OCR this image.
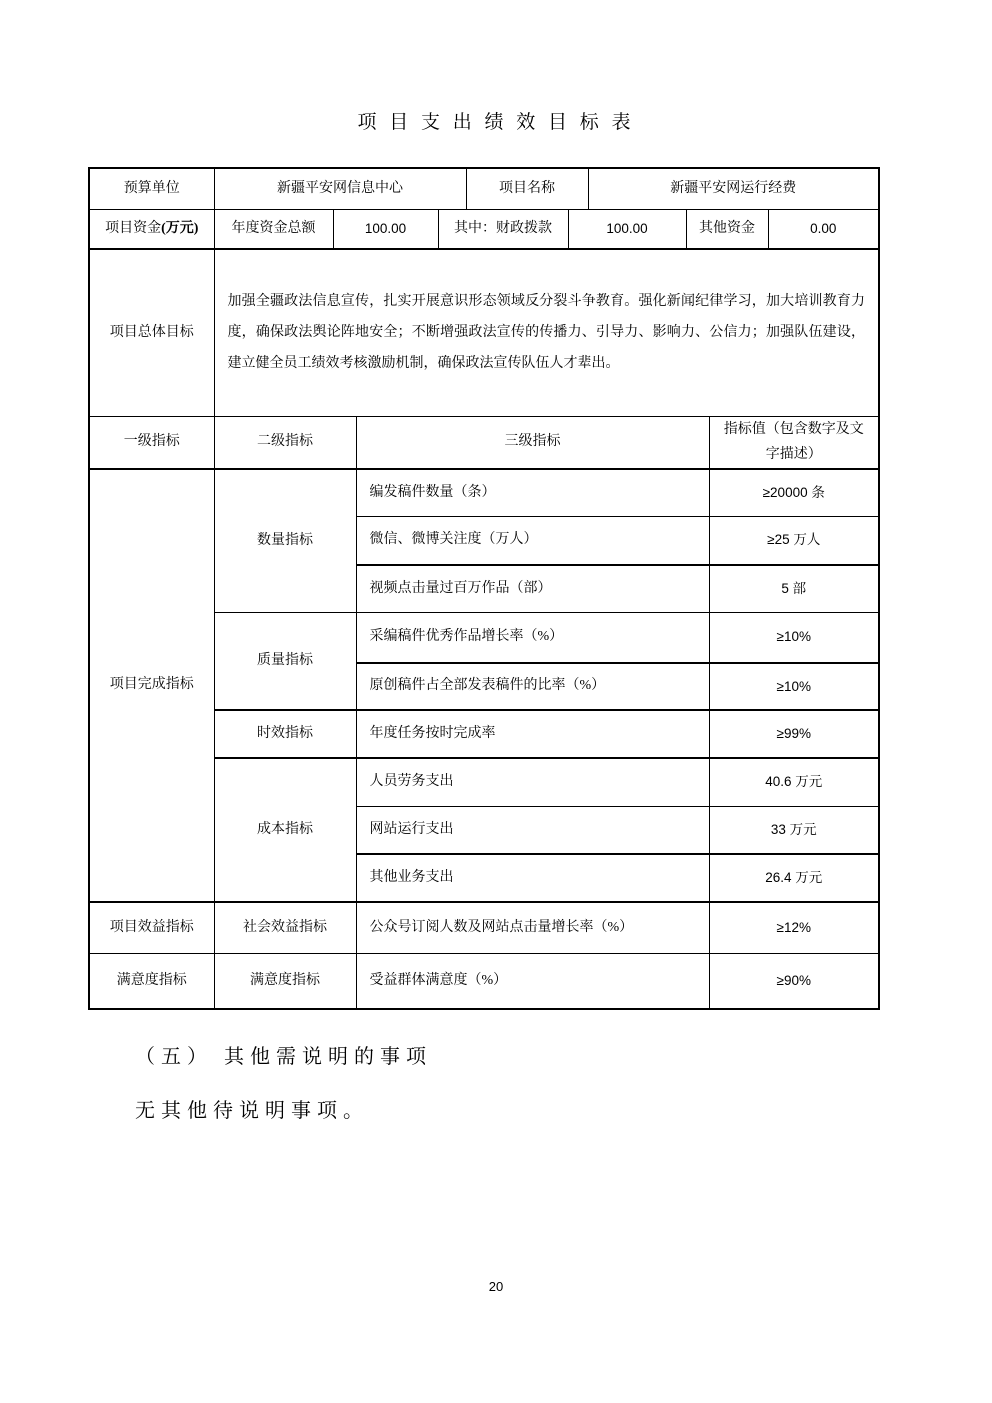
项 目 支 出 绩 效 目 标 表
预算单位	新疆平安网信息中心				项目名称		新疆平安网运行经费			
项目资金(万元)	年度资金总额	100.00		其中：财政拨款		100.00		其他资金		0.00
项目总体目标	加强全疆政法信息宣传，扎实开展意识形态领域反分裂斗争教育。强化新闻纪律学习，加大培训教育力度，确保政法舆论阵地安全；不断增强政法宣传的传播力、引导力、影响力、公信力；加强队伍建设，建立健全员工绩效考核激励机制，确保政法宣传队伍人才辈出。									
一级指标	二级指标		三级指标						指标值（包含数字及文字描述）	
项目完成指标	数量指标		编发稿件数量（条）						≥20000 条	
			微信、微博关注度（万人）						≥25 万人	
			视频点击量过百万作品（部）						5 部	
	质量指标		采编稿件优秀作品增长率（%）						≥10%	
			原创稿件占全部发表稿件的比率（%）						≥10%	
	时效指标		年度任务按时完成率						≥99%	
	成本指标		人员劳务支出						40.6 万元	
			网站运行支出						33 万元	
			其他业务支出						26.4 万元	
项目效益指标	社会效益指标		公众号订阅人数及网站点击量增长率（%）						≥12%	
满意度指标	满意度指标		受益群体满意度（%）						≥90%	
（五） 其他需说明的事项
无其他待说明事项。
20
